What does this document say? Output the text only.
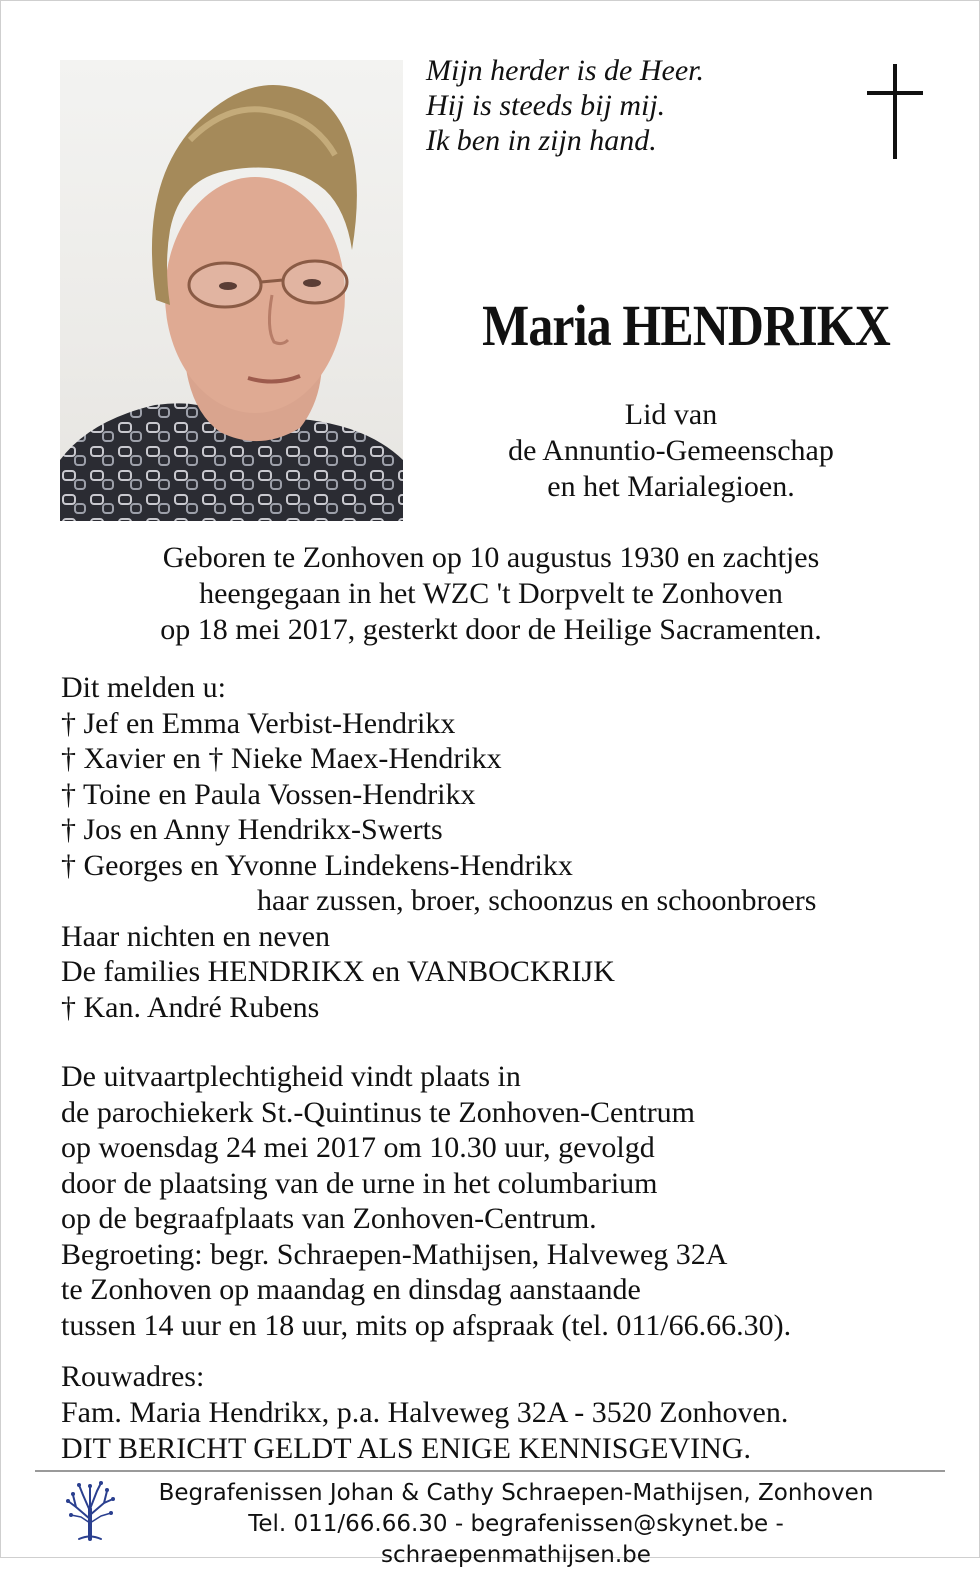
Mijn herder is de Heer.
Hij is steeds bij mij.
Ik ben in zijn hand.
Maria HENDRIKX
Lid van
de Annuntio-Gemeenschap
en het Marialegioen.
Geboren te Zonhoven op 10 augustus 1930 en zachtjes
heengegaan in het WZC 't Dorpvelt te Zonhoven
op 18 mei 2017, gesterkt door de Heilige Sacramenten.
Dit melden u:
† Jef en Emma Verbist-Hendrikx
† Xavier en † Nieke Maex-Hendrikx
† Toine en Paula Vossen-Hendrikx
† Jos en Anny Hendrikx-Swerts
† Georges en Yvonne Lindekens-Hendrikx
haar zussen, broer, schoonzus en schoonbroers
Haar nichten en neven
De families HENDRIKX en VANBOCKRIJK
† Kan. André Rubens
De uitvaartplechtigheid vindt plaats in
de parochiekerk St.-Quintinus te Zonhoven-Centrum
op woensdag 24 mei 2017 om 10.30 uur, gevolgd
door de plaatsing van de urne in het columbarium
op de begraafplaats van Zonhoven-Centrum.
Begroeting: begr. Schraepen-Mathijsen, Halveweg 32A
te Zonhoven op maandag en dinsdag aanstaande
tussen 14 uur en 18 uur, mits op afspraak (tel. 011/66.66.30).
Rouwadres:
Fam. Maria Hendrikx, p.a. Halveweg 32A - 3520 Zonhoven.
DIT BERICHT GELDT ALS ENIGE KENNISGEVING.
Begrafenissen Johan & Cathy Schraepen-Mathijsen, Zonhoven
Tel. 011/66.66.30 - begrafenissen@skynet.be - schraepenmathijsen.be
